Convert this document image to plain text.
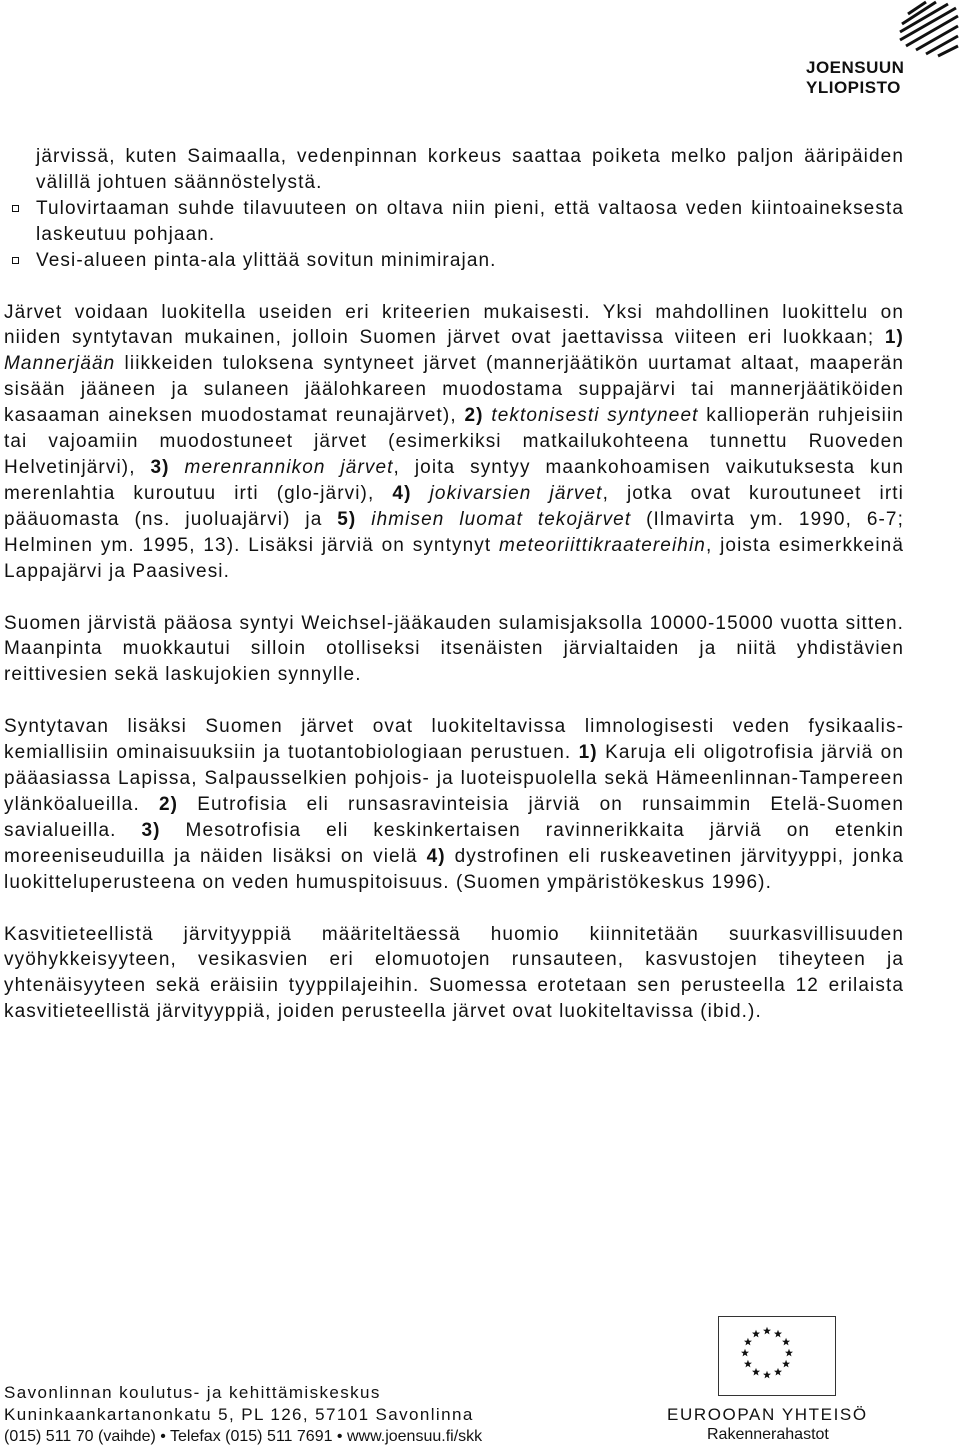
JOENSUUN
YLIOPISTO

järvissä, kuten Saimaalla, vedenpinnan korkeus saattaa poiketa melko paljon ääripäiden välillä johtuen säännöstelystä.

Tulovirtaaman suhde tilavuuteen on oltava niin pieni, että valtaosa veden kiintoaineksesta laskeutuu pohjaan.

Vesi-alueen pinta-ala ylittää sovitun minimirajan.

Järvet voidaan luokitella useiden eri kriteerien mukaisesti. Yksi mahdollinen luokittelu on niiden syntytavan mukainen, jolloin Suomen järvet ovat jaettavissa viiteen eri luokkaan; 1) Mannerjään liikkeiden tuloksena syntyneet järvet (mannerjäätikön uurtamat altaat, maaperän sisään jääneen ja sulaneen jäälohkareen muodostama suppajärvi tai mannerjäätiköiden kasaaman aineksen muodostamat reunajärvet), 2) tektonisesti syntyneet kallioperän ruhjeisiin tai vajoamiin muodostuneet järvet (esimerkiksi matkailukohteena tunnettu Ruoveden Helvetinjärvi), 3) merenrannikon järvet, joita syntyy maankohoamisen vaikutuksesta kun merenlahtia kuroutuu irti (glo-järvi), 4) jokivarsien järvet, jotka ovat kuroutuneet irti pääuomasta (ns. juoluajärvi) ja 5) ihmisen luomat tekojärvet (Ilmavirta ym. 1990, 6-7; Helminen ym. 1995, 13). Lisäksi järviä on syntynyt meteoriittikraatereihin, joista esimerkkeinä Lappajärvi ja Paasivesi.

Suomen järvistä pääosa syntyi Weichsel-jääkauden sulamisjaksolla 10000-15000 vuotta sitten. Maanpinta muokkautui silloin otolliseksi itsenäisten järvialtaiden ja niitä yhdistävien reittivesien sekä laskujokien synnylle.

Syntytavan lisäksi Suomen järvet ovat luokiteltavissa limnologisesti veden fysikaalis-kemiallisiin ominaisuuksiin ja tuotantobiologiaan perustuen. 1) Karuja eli oligotrofisia järviä on pääasiassa Lapissa, Salpausselkien pohjois- ja luoteispuolella sekä Hämeenlinnan-Tampereen ylänköalueilla. 2) Eutrofisia eli runsasravinteisia järviä on runsaimmin Etelä-Suomen savialueilla. 3) Mesotrofisia eli keskinkertaisen ravinnerikkaita järviä on etenkin moreeniseuduilla ja näiden lisäksi on vielä 4) dystrofinen eli ruskeavetinen järvityyppi, jonka luokitteluperusteena on veden humuspitoisuus. (Suomen ympäristökeskus 1996).

Kasvitieteellistä järvityyppiä määriteltäessä huomio kiinnitetään suurkasvillisuuden vyöhykkeisyyteen, vesikasvien eri elomuotojen runsauteen, kasvustojen tiheyteen ja yhtenäisyyteen sekä eräisiin tyyppilajeihin. Suomessa erotetaan sen perusteella 12 erilaista kasvitieteellistä järvityyppiä, joiden perusteella järvet ovat luokiteltavissa (ibid.).

Savonlinnan koulutus- ja kehittämiskeskus
Kuninkaankartanonkatu 5, PL 126, 57101 Savonlinna
(015) 511 70 (vaihde) • Telefax (015) 511 7691 • www.joensuu.fi/skk
EUROOPAN YHTEISÖ
Rakennerahastot
